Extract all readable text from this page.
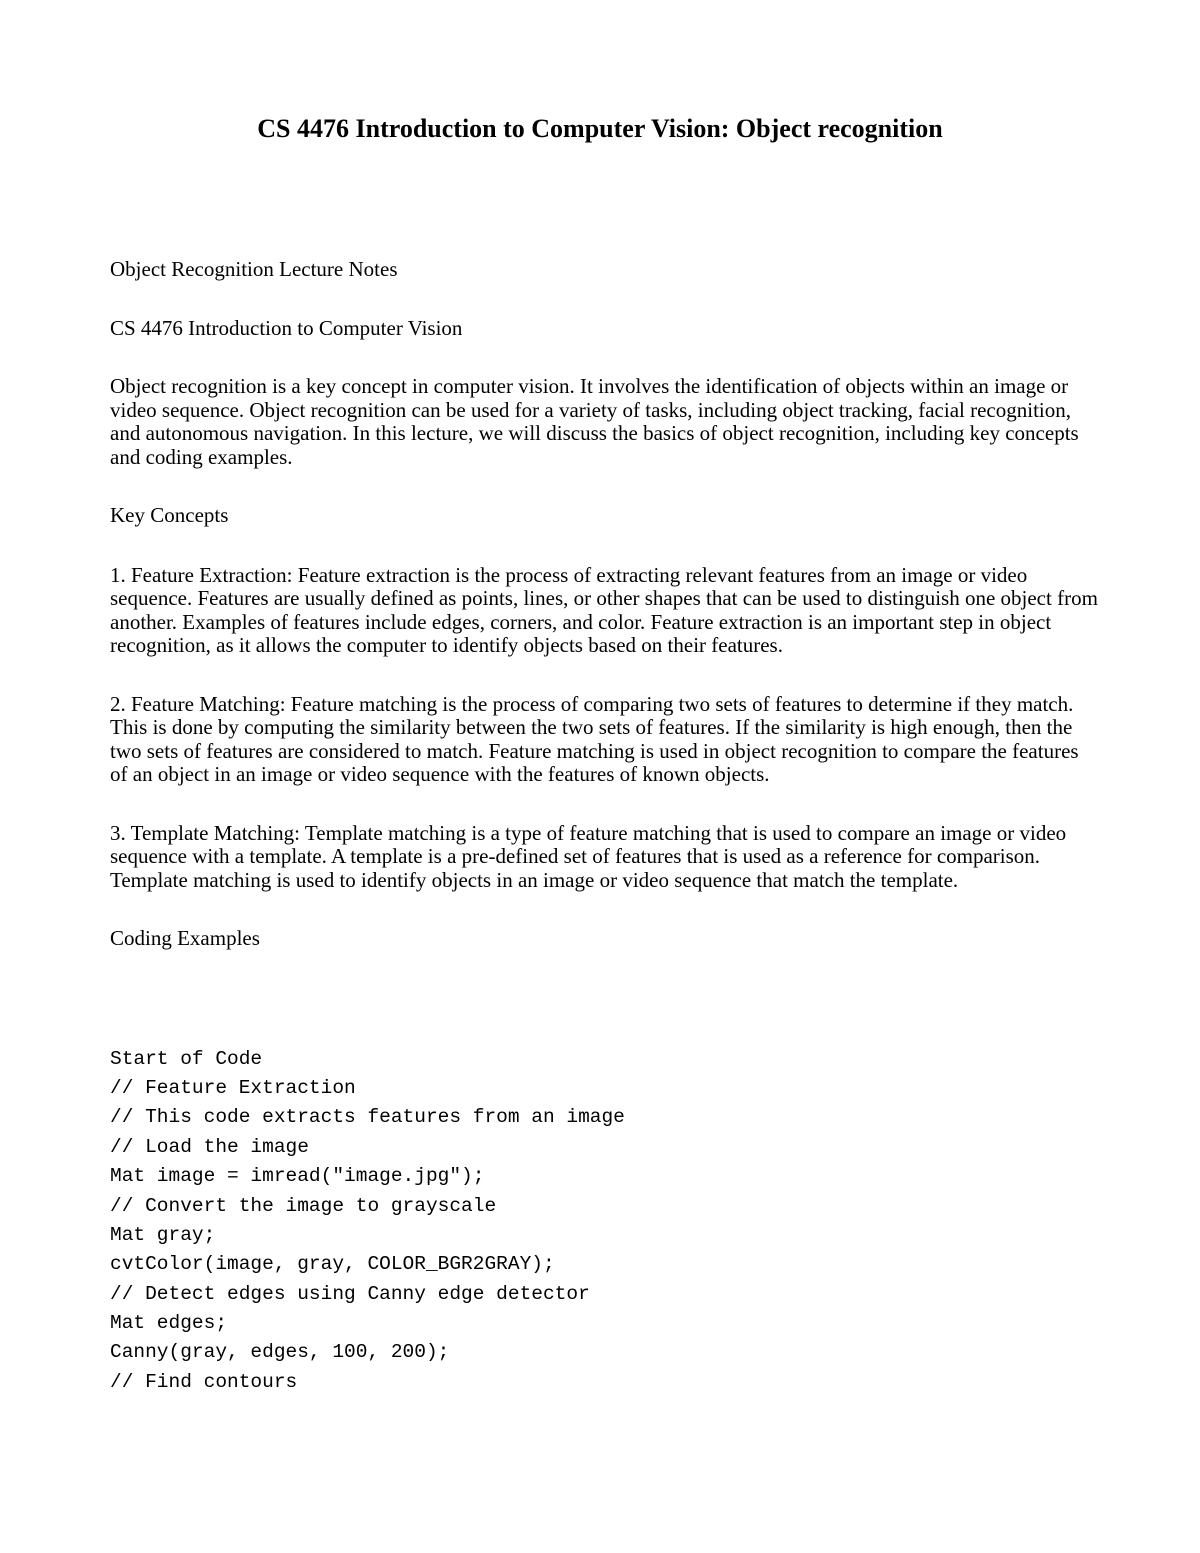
CS 4476 Introduction to Computer Vision: Object recognition

Object Recognition Lecture Notes

CS 4476 Introduction to Computer Vision

Object recognition is a key concept in computer vision. It involves the identification of objects within an image or video sequence. Object recognition can be used for a variety of tasks, including object tracking, facial recognition, and autonomous navigation. In this lecture, we will discuss the basics of object recognition, including key concepts and coding examples.

Key Concepts

1. Feature Extraction: Feature extraction is the process of extracting relevant features from an image or video sequence. Features are usually defined as points, lines, or other shapes that can be used to distinguish one object from another. Examples of features include edges, corners, and color. Feature extraction is an important step in object recognition, as it allows the computer to identify objects based on their features.

2. Feature Matching: Feature matching is the process of comparing two sets of features to determine if they match. This is done by computing the similarity between the two sets of features. If the similarity is high enough, then the two sets of features are considered to match. Feature matching is used in object recognition to compare the features of an object in an image or video sequence with the features of known objects.

3. Template Matching: Template matching is a type of feature matching that is used to compare an image or video sequence with a template. A template is a pre-defined set of features that is used as a reference for comparison. Template matching is used to identify objects in an image or video sequence that match the template.

Coding Examples

Start of Code
// Feature Extraction
// This code extracts features from an image
// Load the image
Mat image = imread("image.jpg");
// Convert the image to grayscale
Mat gray;
cvtColor(image, gray, COLOR_BGR2GRAY);
// Detect edges using Canny edge detector
Mat edges;
Canny(gray, edges, 100, 200);
// Find contours
